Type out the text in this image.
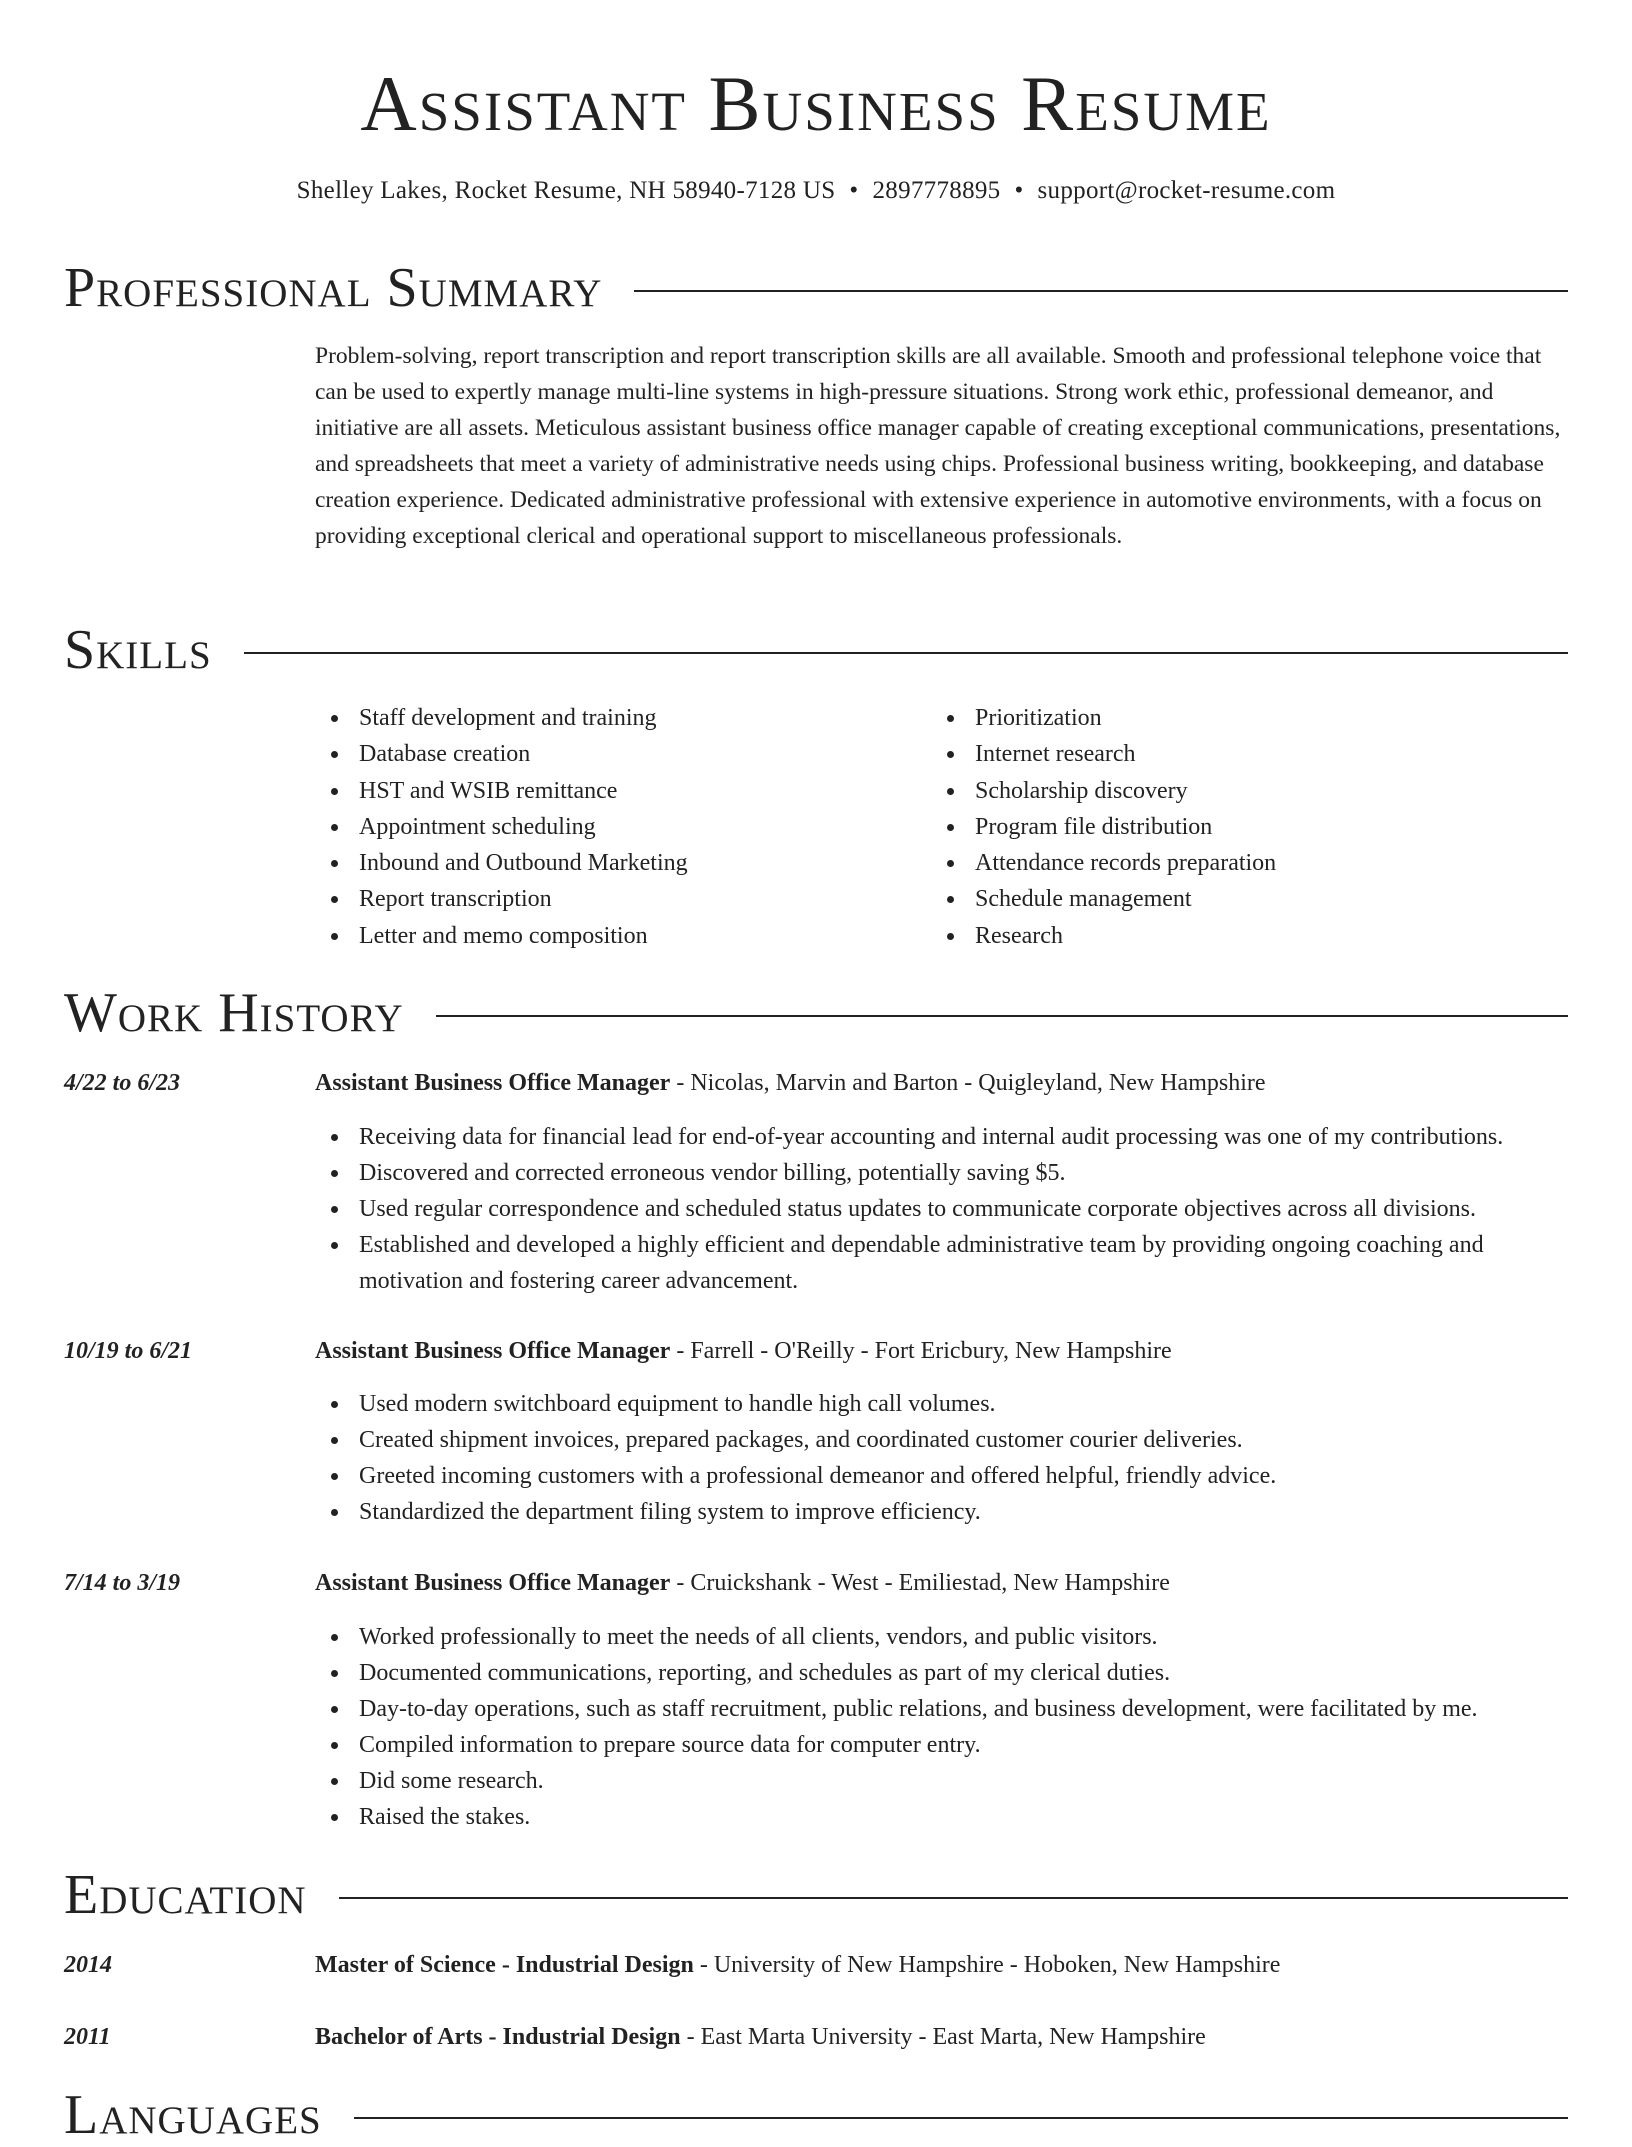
Assistant Business Resume
Shelley Lakes, Rocket Resume, NH 58940-7128 US • 2897778895 • support@rocket-resume.com
Professional Summary

Problem-solving, report transcription and report transcription skills are all available. Smooth and professional telephone voice that can be used to expertly manage multi-line systems in high-pressure situations. Strong work ethic, professional demeanor, and initiative are all assets. Meticulous assistant business office manager capable of creating exceptional communications, presentations, and spreadsheets that meet a variety of administrative needs using chips. Professional business writing, bookkeeping, and database creation experience. Dedicated administrative professional with extensive experience in automotive environments, with a focus on providing exceptional clerical and operational support to miscellaneous professionals.

Skills
Staff development and training
Database creation
HST and WSIB remittance
Appointment scheduling
Inbound and Outbound Marketing
Report transcription
Letter and memo composition
Prioritization
Internet research
Scholarship discovery
Program file distribution
Attendance records preparation
Schedule management
Research
Work History
4/22 to 6/23	Assistant Business Office Manager - Nicolas, Marvin and Barton - Quigleyland, New Hampshire
Receiving data for financial lead for end-of-year accounting and internal audit processing was one of my contributions.
Discovered and corrected erroneous vendor billing, potentially saving $5.
Used regular correspondence and scheduled status updates to communicate corporate objectives across all divisions.
Established and developed a highly efficient and dependable administrative team by providing ongoing coaching and motivation and fostering career advancement.
10/19 to 6/21	Assistant Business Office Manager - Farrell - O'Reilly - Fort Ericbury, New Hampshire
Used modern switchboard equipment to handle high call volumes.
Created shipment invoices, prepared packages, and coordinated customer courier deliveries.
Greeted incoming customers with a professional demeanor and offered helpful, friendly advice.
Standardized the department filing system to improve efficiency.
7/14 to 3/19	Assistant Business Office Manager - Cruickshank - West - Emiliestad, New Hampshire
Worked professionally to meet the needs of all clients, vendors, and public visitors.
Documented communications, reporting, and schedules as part of my clerical duties.
Day-to-day operations, such as staff recruitment, public relations, and business development, were facilitated by me.
Compiled information to prepare source data for computer entry.
Did some research.
Raised the stakes.
Education
2014	Master of Science - Industrial Design - University of New Hampshire - Hoboken, New Hampshire
2011	Bachelor of Arts - Industrial Design - East Marta University - East Marta, New Hampshire
Languages
